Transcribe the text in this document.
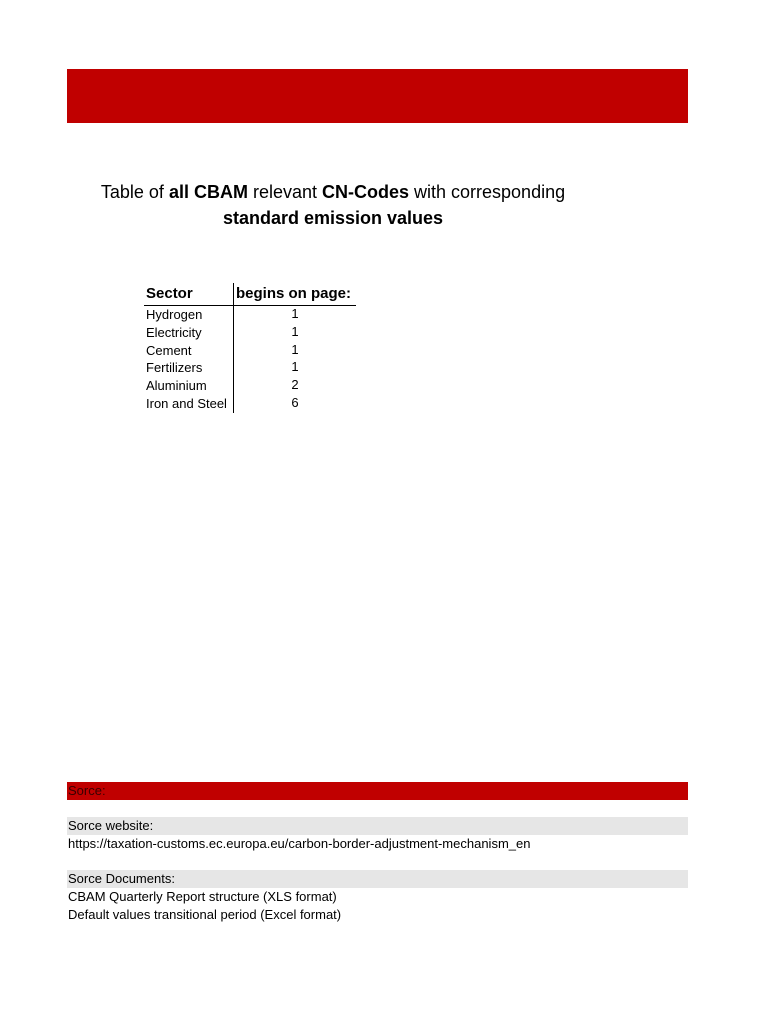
Table of all CBAM relevant CN-Codes with corresponding standard emission values
Sector	begins on page:
Hydrogen	1
Electricity	1
Cement	1
Fertilizers	1
Aluminium	2
Iron and Steel	6
Sorce:
Sorce website:
https://taxation-customs.ec.europa.eu/carbon-border-adjustment-mechanism_en
Sorce Documents:
CBAM Quarterly Report structure (XLS format)
Default values transitional period (Excel format)
